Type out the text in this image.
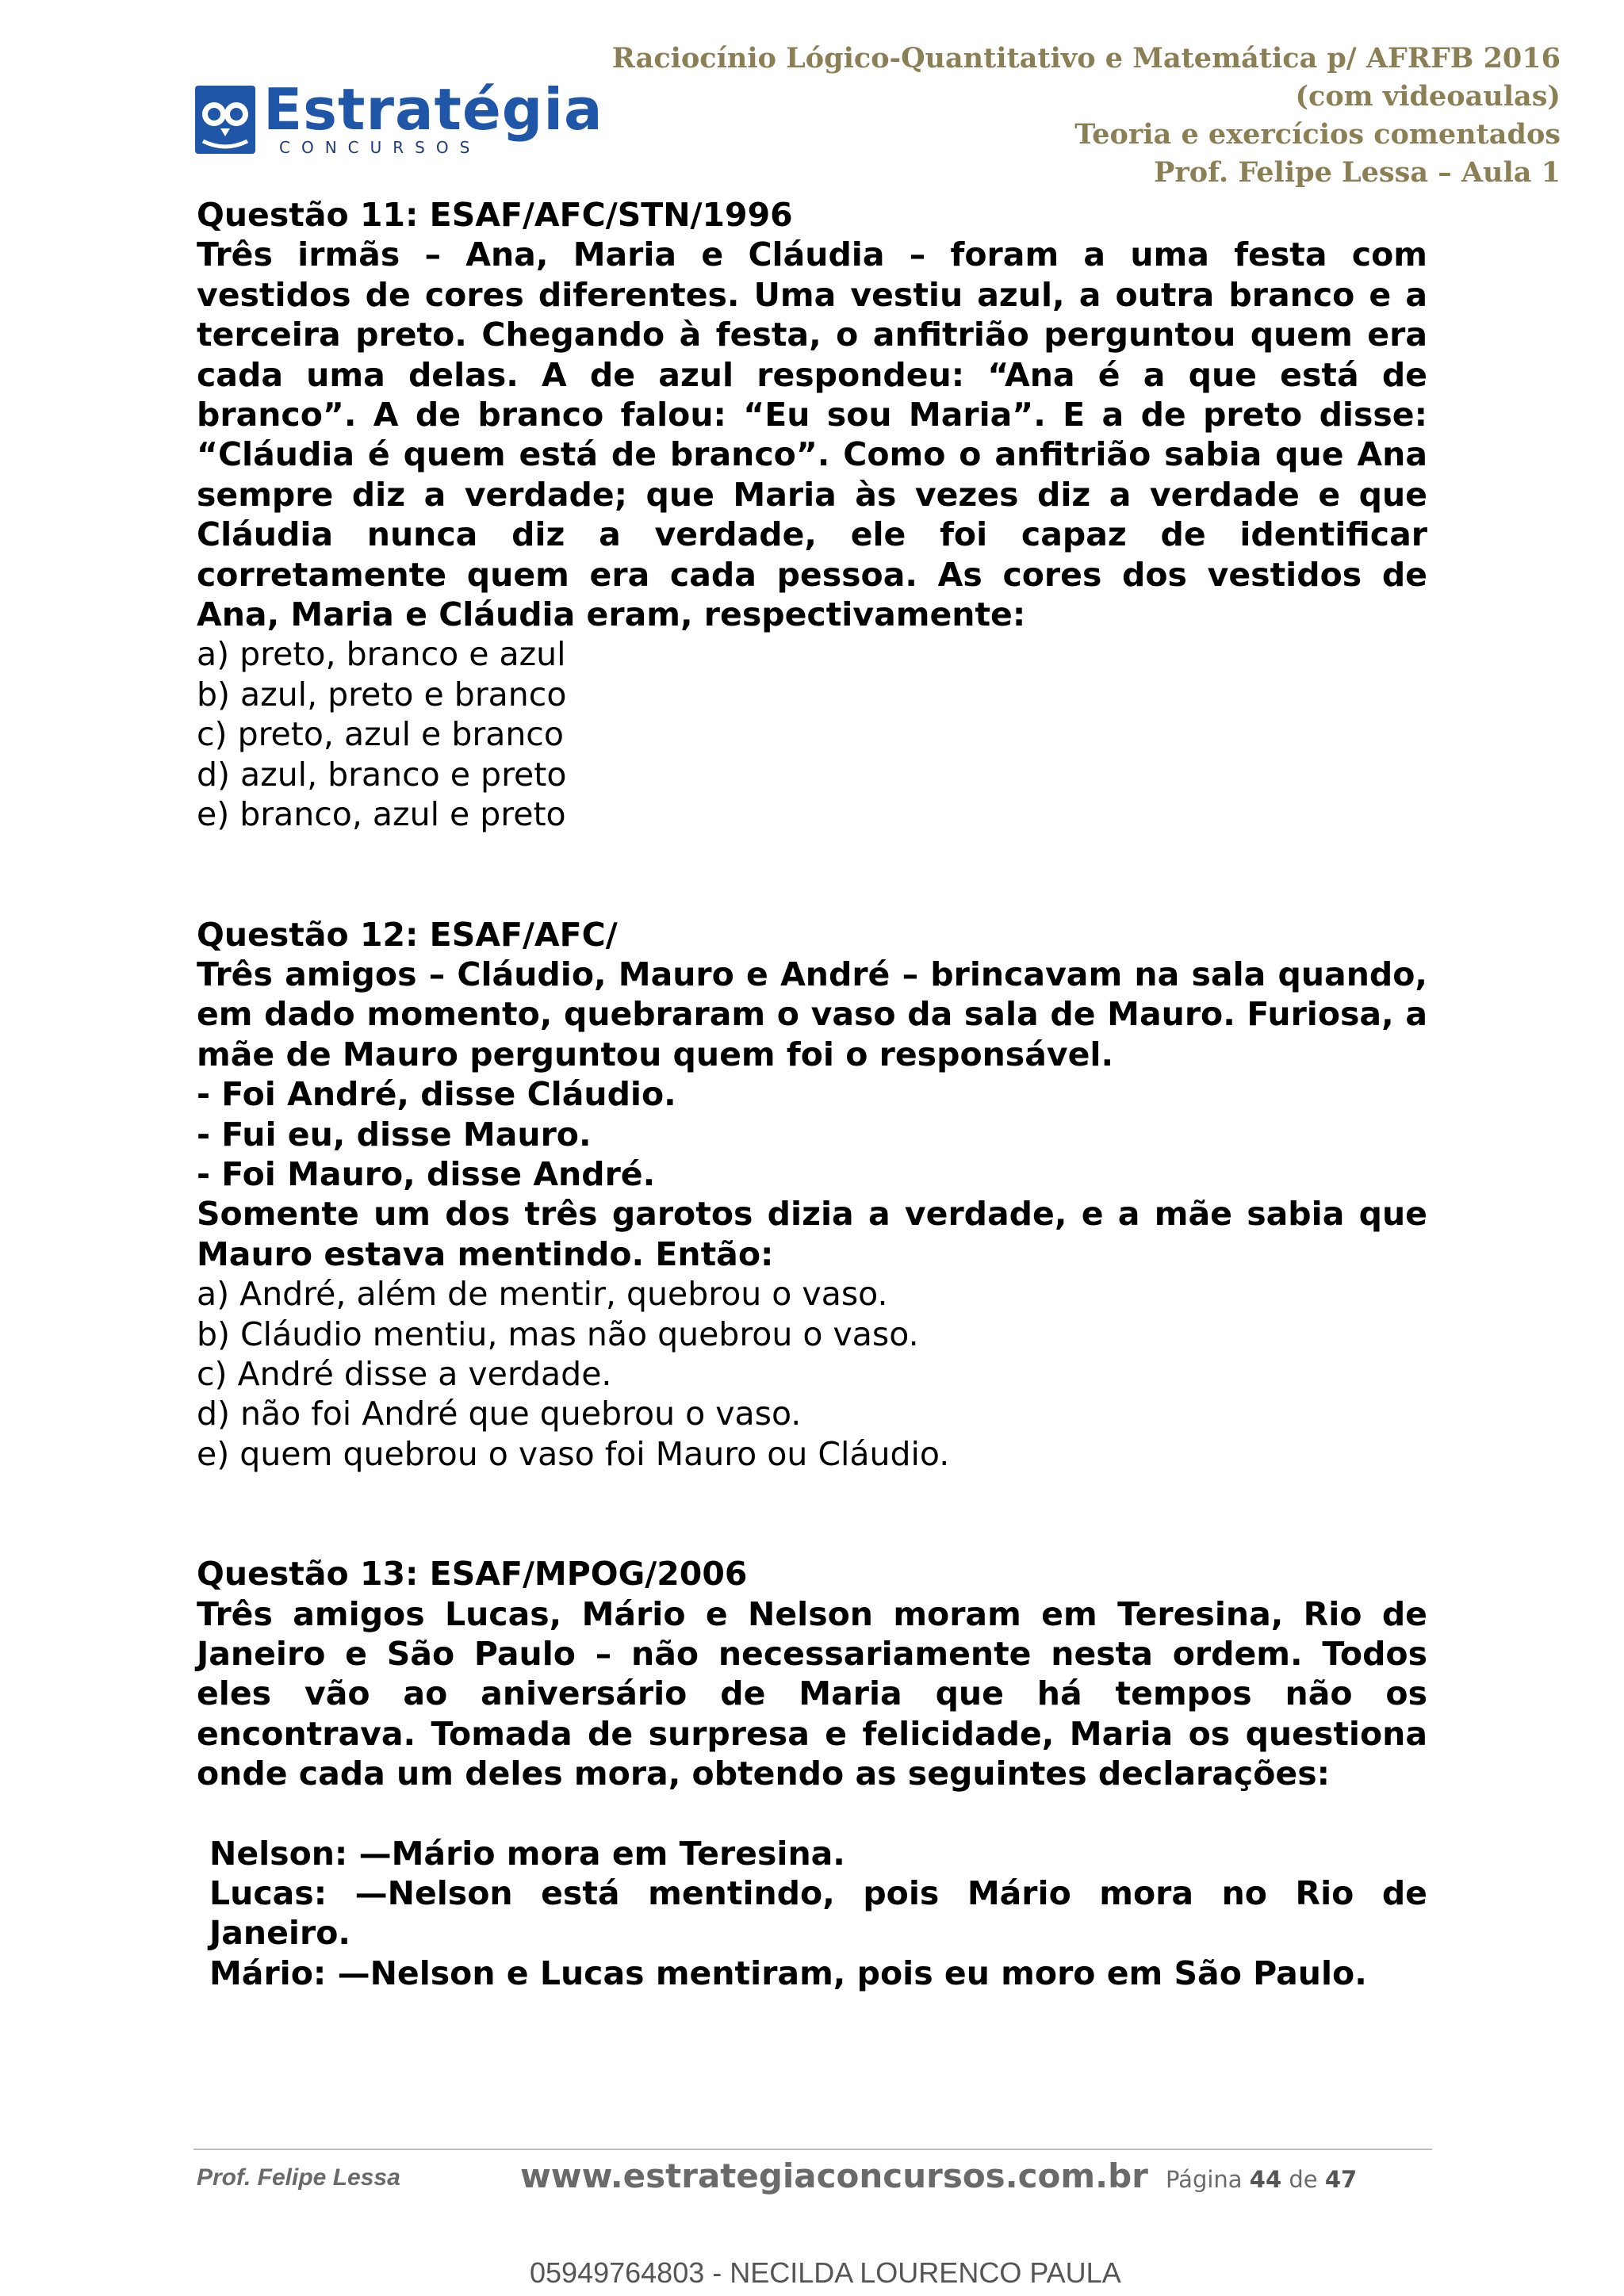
Estratégia
CONCURSOS
Raciocínio Lógico-Quantitativo e Matemática p/ AFRFB 2016
(com videoaulas)
Teoria e exercícios comentados
Prof. Felipe Lessa – Aula 1
Questão 11: ESAF/AFC/STN/1996
Três irmãs – Ana, Maria e Cláudia – foram a uma festa com vestidos de cores diferentes. Uma vestiu azul, a outra branco e a terceira preto. Chegando à festa, o anfitrião perguntou quem era cada uma delas. A de azul respondeu: “Ana é a que está de branco”. A de branco falou: “Eu sou Maria”. E a de preto disse: “Cláudia é quem está de branco”. Como o anfitrião sabia que Ana sempre diz a verdade; que Maria às vezes diz a verdade e que Cláudia nunca diz a verdade, ele foi capaz de identificar corretamente quem era cada pessoa. As cores dos vestidos de Ana, Maria e Cláudia eram, respectivamente:
a) preto, branco e azul
b) azul, preto e branco
c) preto, azul e branco
d) azul, branco e preto
e) branco, azul e preto
Questão 12: ESAF/AFC/
Três amigos – Cláudio, Mauro e André – brincavam na sala quando, em dado momento, quebraram o vaso da sala de Mauro. Furiosa, a mãe de Mauro perguntou quem foi o responsável.
- Foi André, disse Cláudio.
- Fui eu, disse Mauro.
- Foi Mauro, disse André.
Somente um dos três garotos dizia a verdade, e a mãe sabia que Mauro estava mentindo. Então:
a) André, além de mentir, quebrou o vaso.
b) Cláudio mentiu, mas não quebrou o vaso.
c) André disse a verdade.
d) não foi André que quebrou o vaso.
e) quem quebrou o vaso foi Mauro ou Cláudio.
Questão 13: ESAF/MPOG/2006
Três amigos Lucas, Mário e Nelson moram em Teresina, Rio de Janeiro e São Paulo – não necessariamente nesta ordem. Todos eles vão ao aniversário de Maria que há tempos não os encontrava. Tomada de surpresa e felicidade, Maria os questiona onde cada um deles mora, obtendo as seguintes declarações:
Nelson: —Mário mora em Teresina.
Lucas: —Nelson está mentindo, pois Mário mora no Rio de Janeiro.
Mário: —Nelson e Lucas mentiram, pois eu moro em São Paulo.
Prof. Felipe Lessa	www.estrategiaconcursos.com.br Página 44 de 47
05949764803 - NECILDA LOURENCO PAULA
